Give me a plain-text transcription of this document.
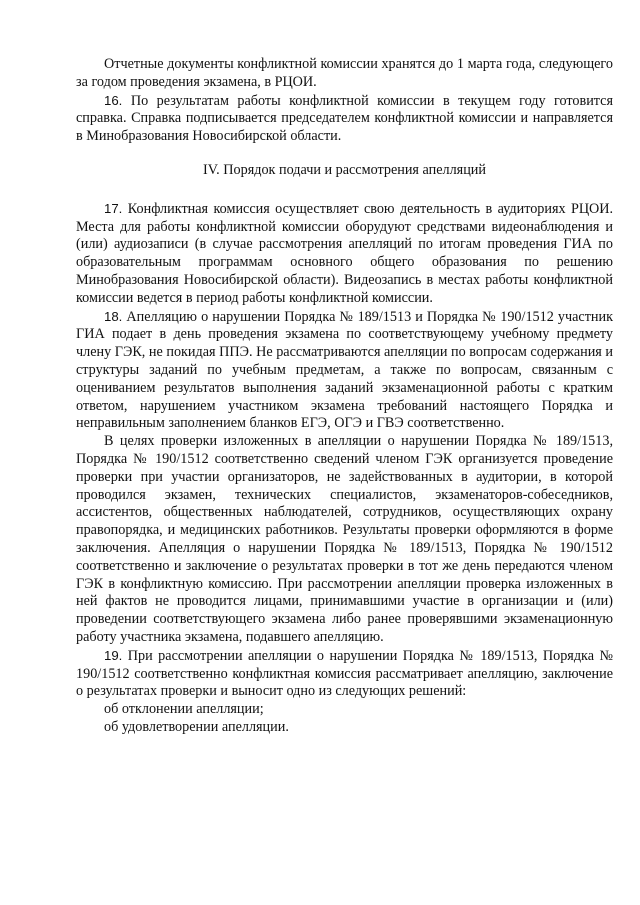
Отчетные документы конфликтной комиссии хранятся до 1 марта года, следующего за годом проведения экзамена, в РЦОИ.

16. По результатам работы конфликтной комиссии в текущем году готовится справка. Справка подписывается председателем конфликтной комиссии и направляется в Минобразования Новосибирской области.

IV. Порядок подачи и рассмотрения апелляций

17. Конфликтная комиссия осуществляет свою деятельность в аудиториях РЦОИ. Места для работы конфликтной комиссии оборудуют средствами видеонаблюдения и (или) аудиозаписи (в случае рассмотрения апелляций по итогам проведения ГИА по образовательным программам основного общего образования по решению Минобразования Новосибирской области). Видеозапись в местах работы конфликтной комиссии ведется в период работы конфликтной комиссии.

18. Апелляцию о нарушении Порядка № 189/1513 и Порядка № 190/1512 участник ГИА подает в день проведения экзамена по соответствующему учебному предмету члену ГЭК, не покидая ППЭ. Не рассматриваются апелляции по вопросам содержания и структуры заданий по учебным предметам, а также по вопросам, связанным с оцениванием результатов выполнения заданий экзаменационной работы с кратким ответом, нарушением участником экзамена требований настоящего Порядка и неправильным заполнением бланков ЕГЭ, ОГЭ и ГВЭ соответственно.

В целях проверки изложенных в апелляции о нарушении Порядка № 189/1513, Порядка № 190/1512 соответственно сведений членом ГЭК организуется проведение проверки при участии организаторов, не задействованных в аудитории, в которой проводился экзамен, технических специалистов, экзаменаторов-собеседников, ассистентов, общественных наблюдателей, сотрудников, осуществляющих охрану правопорядка, и медицинских работников. Результаты проверки оформляются в форме заключения. Апелляция о нарушении Порядка № 189/1513, Порядка № 190/1512 соответственно и заключение о результатах проверки в тот же день передаются членом ГЭК в конфликтную комиссию. При рассмотрении апелляции проверка изложенных в ней фактов не проводится лицами, принимавшими участие в организации и (или) проведении соответствующего экзамена либо ранее проверявшими экзаменационную работу участника экзамена, подавшего апелляцию.

19. При рассмотрении апелляции о нарушении Порядка № 189/1513, Порядка № 190/1512 соответственно конфликтная комиссия рассматривает апелляцию, заключение о результатах проверки и выносит одно из следующих решений:

об отклонении апелляции;

об удовлетворении апелляции.
